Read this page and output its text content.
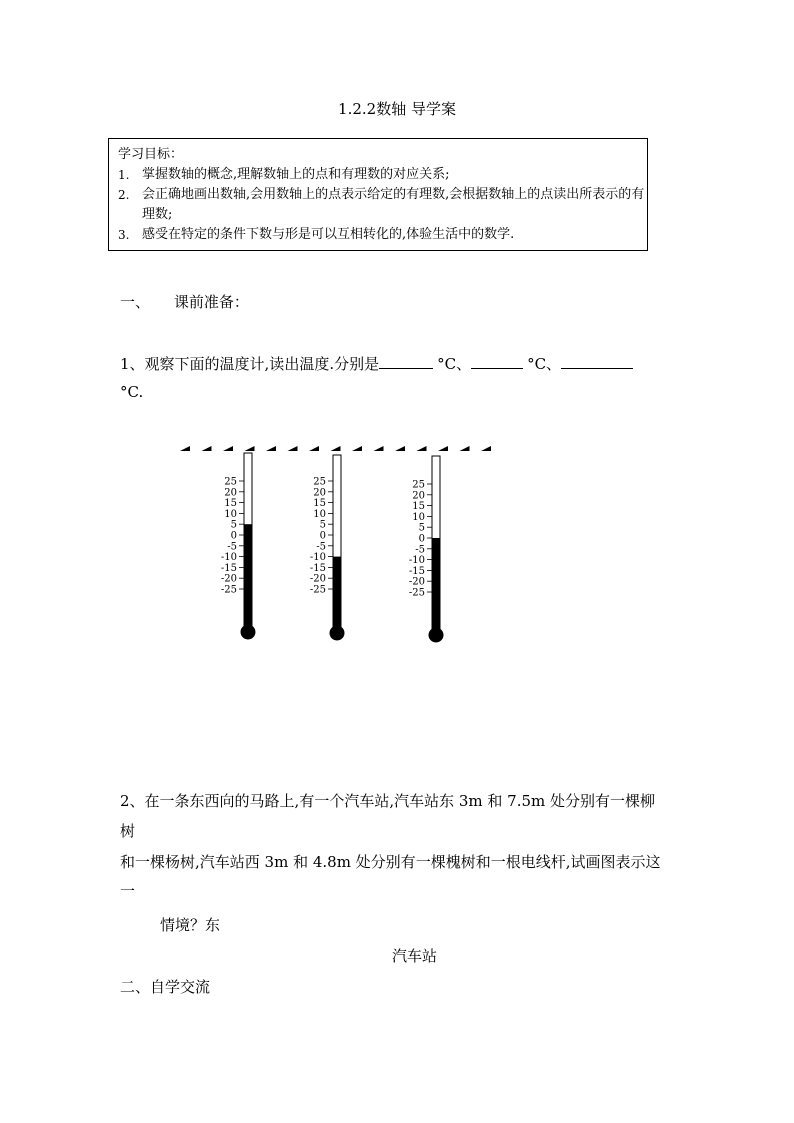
1.2.2数轴 导学案
学习目标：
1. 掌握数轴的概念,理解数轴上的点和有理数的对应关系;
2. 会正确地画出数轴,会用数轴上的点表示给定的有理数,会根据数轴上的点读出所表示的有理数;
3. 感受在特定的条件下数与形是可以互相转化的,体验生活中的数学.
一、     课前准备：
1、观察下面的温度计,读出温度.分别是	°C、	°C、
°C.
25
20
15
10
5
0
-5
-10
-15
-20
-25
25
20
15
10
5
0
-5
-10
-15
-20
-25
25
20
15
10
5
0
-5
-10
-15
-20
-25
2、在一条东西向的马路上,有一个汽车站,汽车站东 3m 和 7.5m 处分别有一棵柳
树
和一棵杨树,汽车站西 3m 和 4.8m 处分别有一棵槐树和一根电线杆,试画图表示这
一
情境？东
汽车站
二、自学交流
